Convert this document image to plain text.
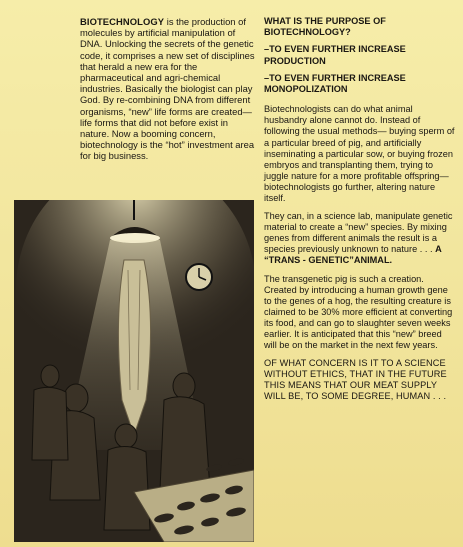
BIOTECHNOLOGY is the production of molecules by artificial manipulation of DNA. Unlocking the secrets of the genetic code, it comprises a new set of disciplines that herald a new era for the pharmaceutical and agri-chemical industries. Basically the biologist can play God. By re-combining DNA from different organisms, “new” life forms are created—life forms that did not before exist in nature. Now a booming concern, biotechnology is the “hot” investment area for big business.
WHAT IS THE PURPOSE OF BIOTECHNOLOGY?
–TO EVEN FURTHER INCREASE PRODUCTION
–TO EVEN FURTHER INCREASE MONOPOLIZATION

Biotechnologists can do what animal husbandry alone cannot do. Instead of following the usual methods— buying sperm of a particular breed of pig, and artificially inseminating a particular sow, or buying frozen embryos and transplanting them, trying to juggle nature for a more profitable offspring— biotechnologists go further, altering nature itself.

They can, in a science lab, manipulate genetic material to create a “new” species. By mixing genes from different animals the result is a species previously unknown to nature . . . A “TRANS - GENETIC”ANIMAL.

The transgenetic pig is such a creation. Created by introducing a human growth gene to the genes of a hog, the resulting creature is claimed to be 30% more efficient at converting its food, and can go to slaughter seven weeks earlier. It is anticipated that this “new” breed will be on the market in the next few years.

OF WHAT CONCERN IS IT TO A SCIENCE WITHOUT ETHICS, THAT IN THE FUTURE THIS MEANS THAT OUR MEAT SUPPLY WILL BE, TO SOME DEGREE, HUMAN . . .
